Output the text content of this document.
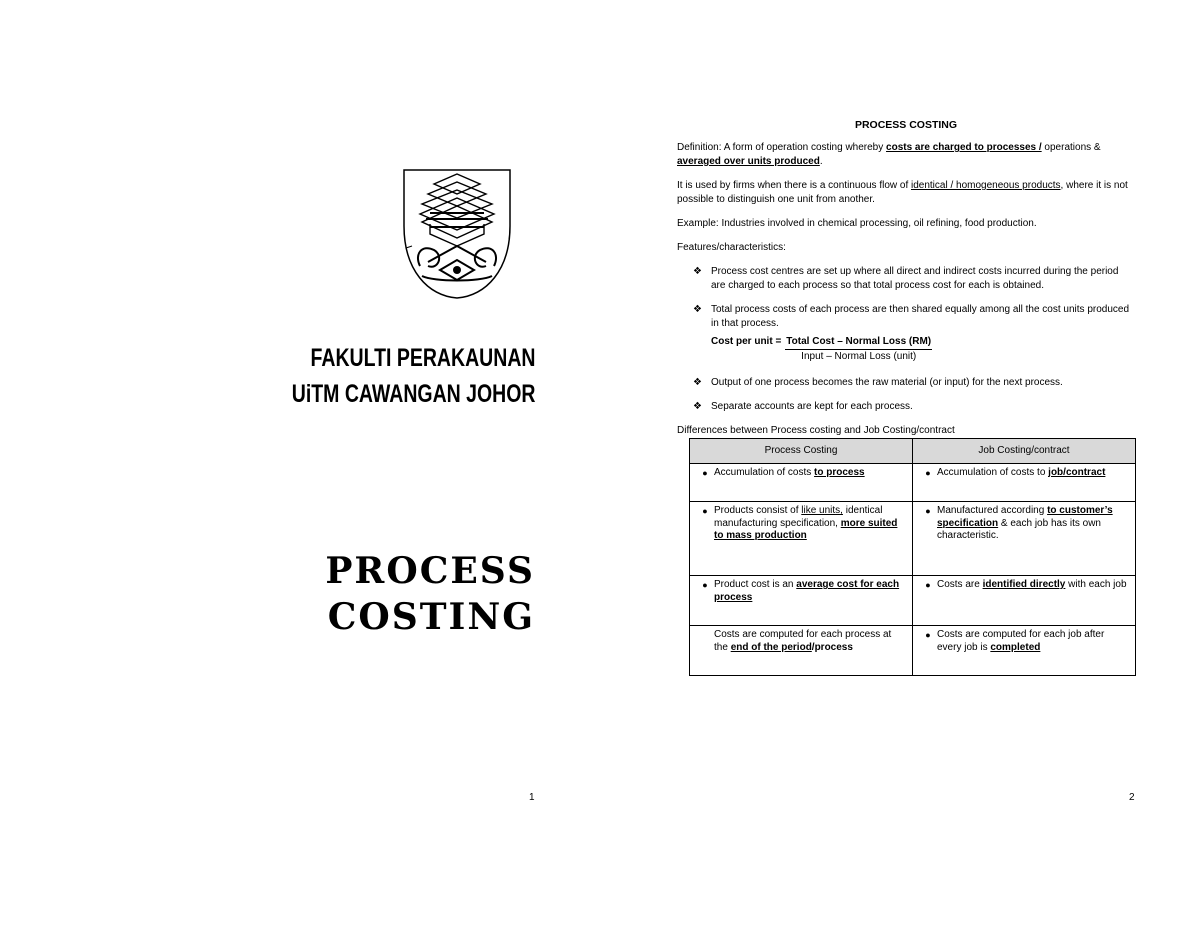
FAKULTI PERAKAUNAN
UiTM CAWANGAN JOHOR
PROCESS
COSTING
1

PROCESS COSTING

Definition: A form of operation costing whereby costs are charged to processes / operations & averaged over units produced.

It is used by firms when there is a continuous flow of identical / homogeneous products, where it is not possible to distinguish one unit from another.

Example: Industries involved in chemical processing, oil refining, food production.

Features/characteristics:

❖ Process cost centres are set up where all direct and indirect costs incurred during the period are charged to each process so that total process cost for each is obtained.
❖ Total process costs of each process are then shared equally among all the cost units produced in that process.
Cost per unit = $\frac{\text{Total Cost – Normal Loss (RM)}}{\text{Input – Normal Loss (unit)}}$
❖ Output of one process becomes the raw material (or input) for the next process.
❖ Separate accounts are kept for each process.

Differences between Process costing and Job Costing/contract

Process Costing	Job Costing/contract

● Accumulation of costs to process	● Accumulation of costs to job/contract

● Products consist of like units, identical manufacturing specification, more suited to mass production	● Manufactured according to customer’s specification & each job has its own characteristic.

● Product cost is an average cost for each process	● Costs are identified directly with each job

Costs are computed for each process at the end of the period/process	● Costs are computed for each job after every job is completed
2
